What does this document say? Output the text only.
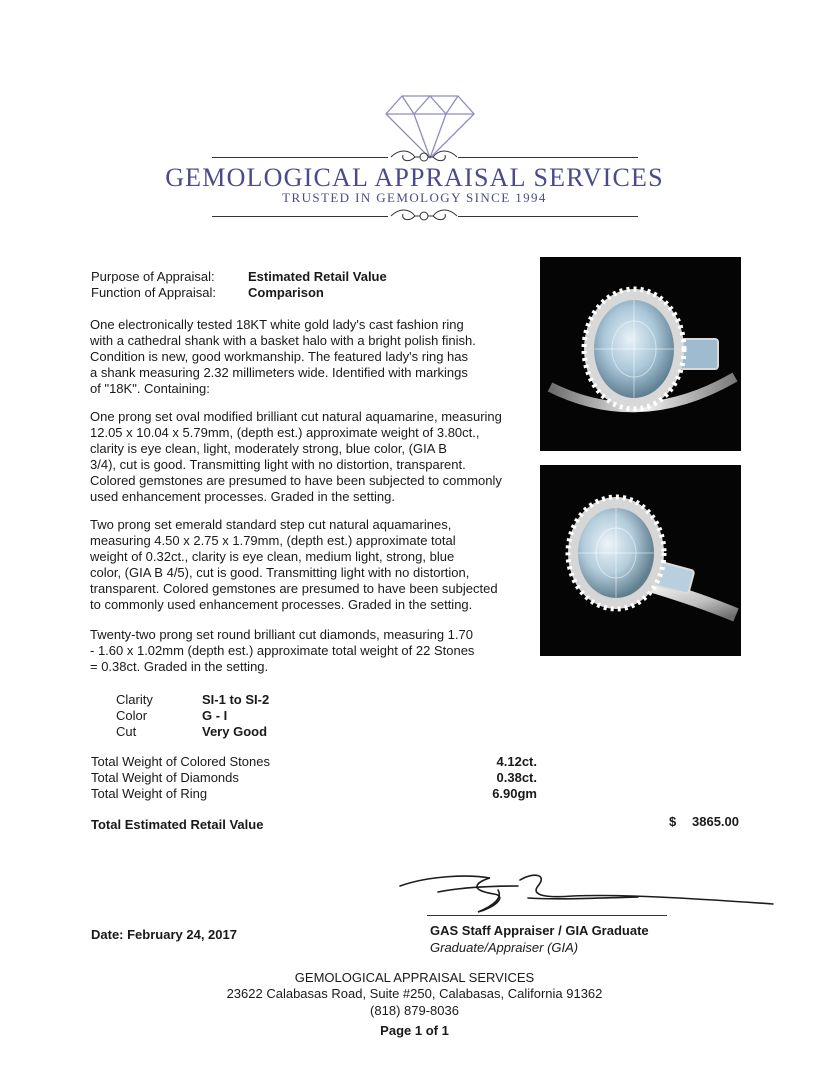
GEMOLOGICAL APPRAISAL SERVICES
TRUSTED IN GEMOLOGY SINCE 1994
Purpose of Appraisal:	Estimated Retail Value
Function of Appraisal: Comparison
One electronically tested 18KT white gold lady's cast fashion ring
with a cathedral shank with a basket halo with a bright polish finish.
Condition is new, good workmanship. The featured lady's ring has
a shank measuring 2.32 millimeters wide. Identified with markings
of "18K". Containing:
One prong set oval modified brilliant cut natural aquamarine, measuring
12.05 x 10.04 x 5.79mm, (depth est.) approximate weight of 3.80ct.,
clarity is eye clean, light, moderately strong, blue color, (GIA B
3/4), cut is good. Transmitting light with no distortion, transparent.
Colored gemstones are presumed to have been subjected to commonly
used enhancement processes. Graded in the setting.
Two prong set emerald standard step cut natural aquamarines,
measuring 4.50 x 2.75 x 1.79mm, (depth est.) approximate total
weight of 0.32ct., clarity is eye clean, medium light, strong, blue
color, (GIA B 4/5), cut is good. Transmitting light with no distortion,
transparent. Colored gemstones are presumed to have been subjected
to commonly used enhancement processes. Graded in the setting.
Twenty-two prong set round brilliant cut diamonds, measuring 1.70
- 1.60 x 1.02mm (depth est.) approximate total weight of 22 Stones
= 0.38ct. Graded in the setting.
Clarity	SI-1 to SI-2
Color	G - I
Cut	Very Good
Total Weight of Colored Stones	4.12ct.
Total Weight of Diamonds	0.38ct.
Total Weight of Ring	6.90gm
Total Estimated Retail Value	$ 3865.00
Date: February 24, 2017	GAS Staff Appraiser / GIA Graduate
Graduate/Appraiser (GIA)
GEMOLOGICAL APPRAISAL SERVICES
23622 Calabasas Road, Suite #250, Calabasas, California 91362
(818) 879-8036
Page 1 of 1
